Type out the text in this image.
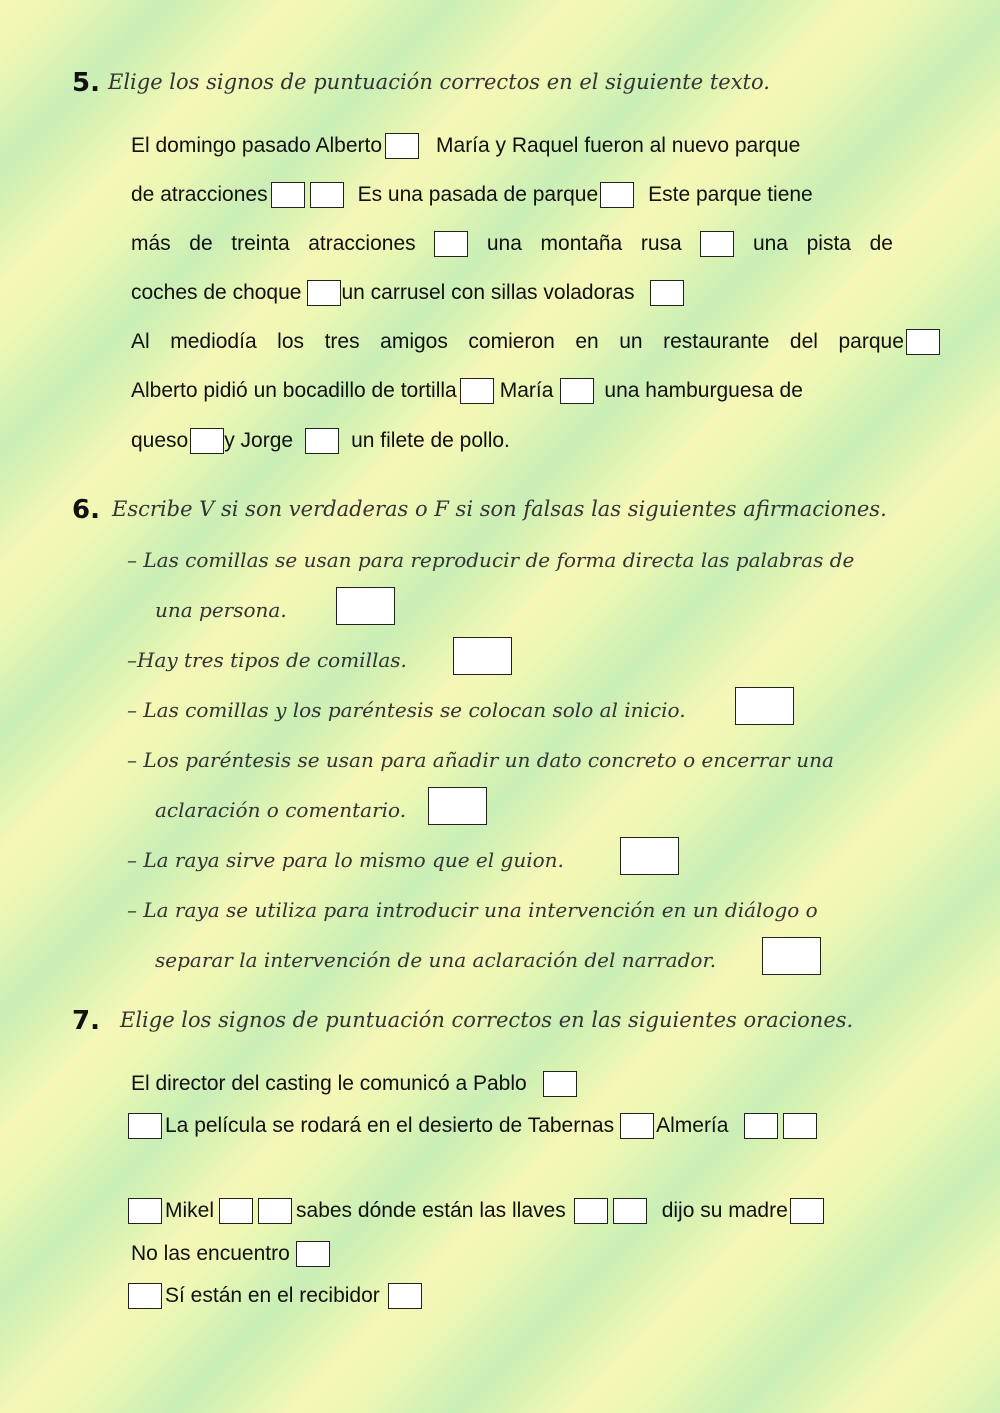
5. Elige los signos de puntuación correctos en el siguiente texto.
El domingo pasado Alberto	María y Raquel fueron al nuevo parque
de atracciones	Es una pasada de parque Este parque tiene
más de treinta atracciones	una montaña rusa	una pista de
coches de choque un carrusel con sillas voladoras
Al mediodía los tres amigos comieron en un restaurante del parque
Alberto pidió un bocadillo de tortilla María una hamburguesa de
queso y Jorge	un filete de pollo.
6. Escribe V si son verdaderas o F si son falsas las siguientes afirmaciones.
– Las comillas se usan para reproducir de forma directa las palabras de
una persona.
–Hay tres tipos de comillas.
– Las comillas y los paréntesis se colocan solo al inicio.
– Los paréntesis se usan para añadir un dato concreto o encerrar una
aclaración o comentario.
– La raya sirve para lo mismo que el guion.
– La raya se utiliza para introducir una intervención en un diálogo o
separar la intervención de una aclaración del narrador.
7. Elige los signos de puntuación correctos en las siguientes oraciones.
El director del casting le comunicó a Pablo
La película se rodará en el desierto de Tabernas Almería
Mikel	sabes dónde están las llaves	dijo su madre
No las encuentro
Sí están en el recibidor
